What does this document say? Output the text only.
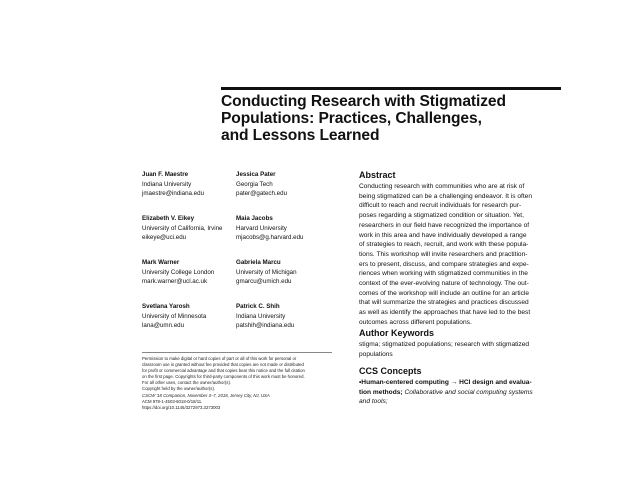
Conducting Research with Stigmatized
Populations: Practices, Challenges,
and Lessons Learned
Juan F. Maestre
Indiana University
jmaestre@indiana.edu
Jessica Pater
Georgia Tech
pater@gatech.edu
Elizabeth V. Eikey
University of California, Irvine
eikeye@uci.edu
Maia Jacobs
Harvard University
mjacobs@g.harvard.edu
Mark Warner
University College London
mark.warner@ucl.ac.uk
Gabriela Marcu
University of Michigan
gmarcu@umich.edu
Svetlana Yarosh
University of Minnesota
lana@umn.edu
Patrick C. Shih
Indiana University
patshih@indiana.edu
Abstract
Conducting research with communities who are at risk of
being stigmatized can be a challenging endeavor. It is often
difficult to reach and recruit individuals for research pur-
poses regarding a stigmatized condition or situation. Yet,
researchers in our field have recognized the importance of
work in this area and have individually developed a range
of strategies to reach, recruit, and work with these popula-
tions. This workshop will invite researchers and practition-
ers to present, discuss, and compare strategies and expe-
riences when working with stigmatized communities in the
context of the ever-evolving nature of technology. The out-
comes of the workshop will include an outline for an article
that will summarize the strategies and practices discussed
as well as identify the approaches that have led to the best
outcomes across different populations.
Author Keywords
stigma; stigmatized populations; research with stigmatized
populations
CCS Concepts
•Human-centered computing → HCI design and evalua-
tion methods; Collaborative and social computing systems
and tools;
Permission to make digital or hard copies of part or all of this work for personal or
classroom use is granted without fee provided that copies are not made or distributed
for profit or commercial advantage and that copies bear this notice and the full citation
on the first page. Copyrights for third-party components of this work must be honored.
For all other uses, contact the owner/author(s).
Copyright held by the owner/author(s).
CSCW '18 Companion, November 3–7, 2018, Jersey City, NJ, USA
ACM 978-1-4503-6018-0/18/11.
https://doi.org/10.1145/3272973.3273003
